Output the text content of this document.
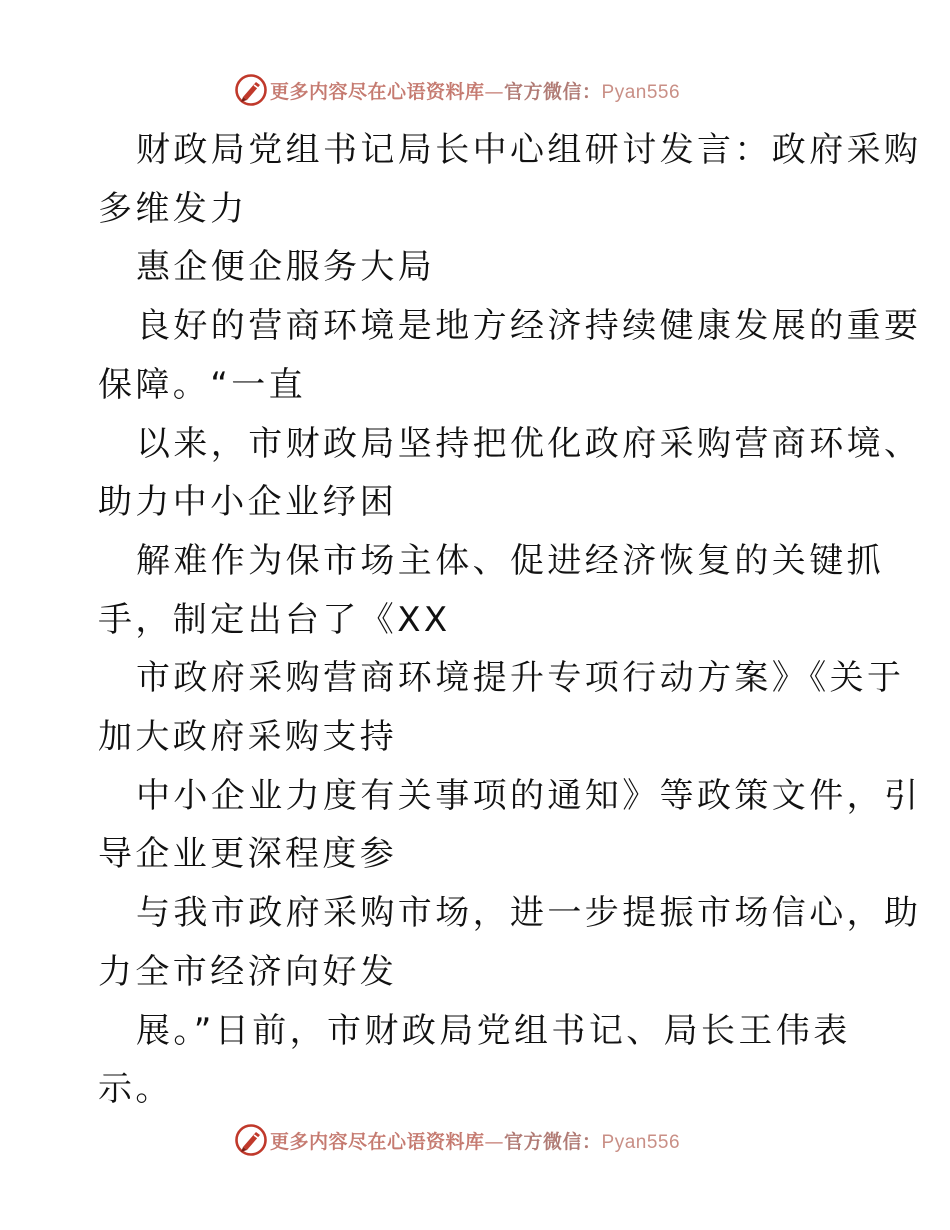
更多内容尽在心语资料库—官方微信：Pyan556

财政局党组书记局长中心组研讨发言：政府采购

多维发力

惠企便企服务大局

良好的营商环境是地方经济持续健康发展的重要

保障。“一直

以来，市财政局坚持把优化政府采购营商环境、

助力中小企业纾困

解难作为保市场主体、促进经济恢复的关键抓

手，制定出台了《XX

市政府采购营商环境提升专项行动方案》《关于

加大政府采购支持

中小企业力度有关事项的通知》等政策文件，引

导企业更深程度参

与我市政府采购市场，进一步提振市场信心，助

力全市经济向好发

展。”日前，市财政局党组书记、局长王伟表

示。

更多内容尽在心语资料库—官方微信：Pyan556
